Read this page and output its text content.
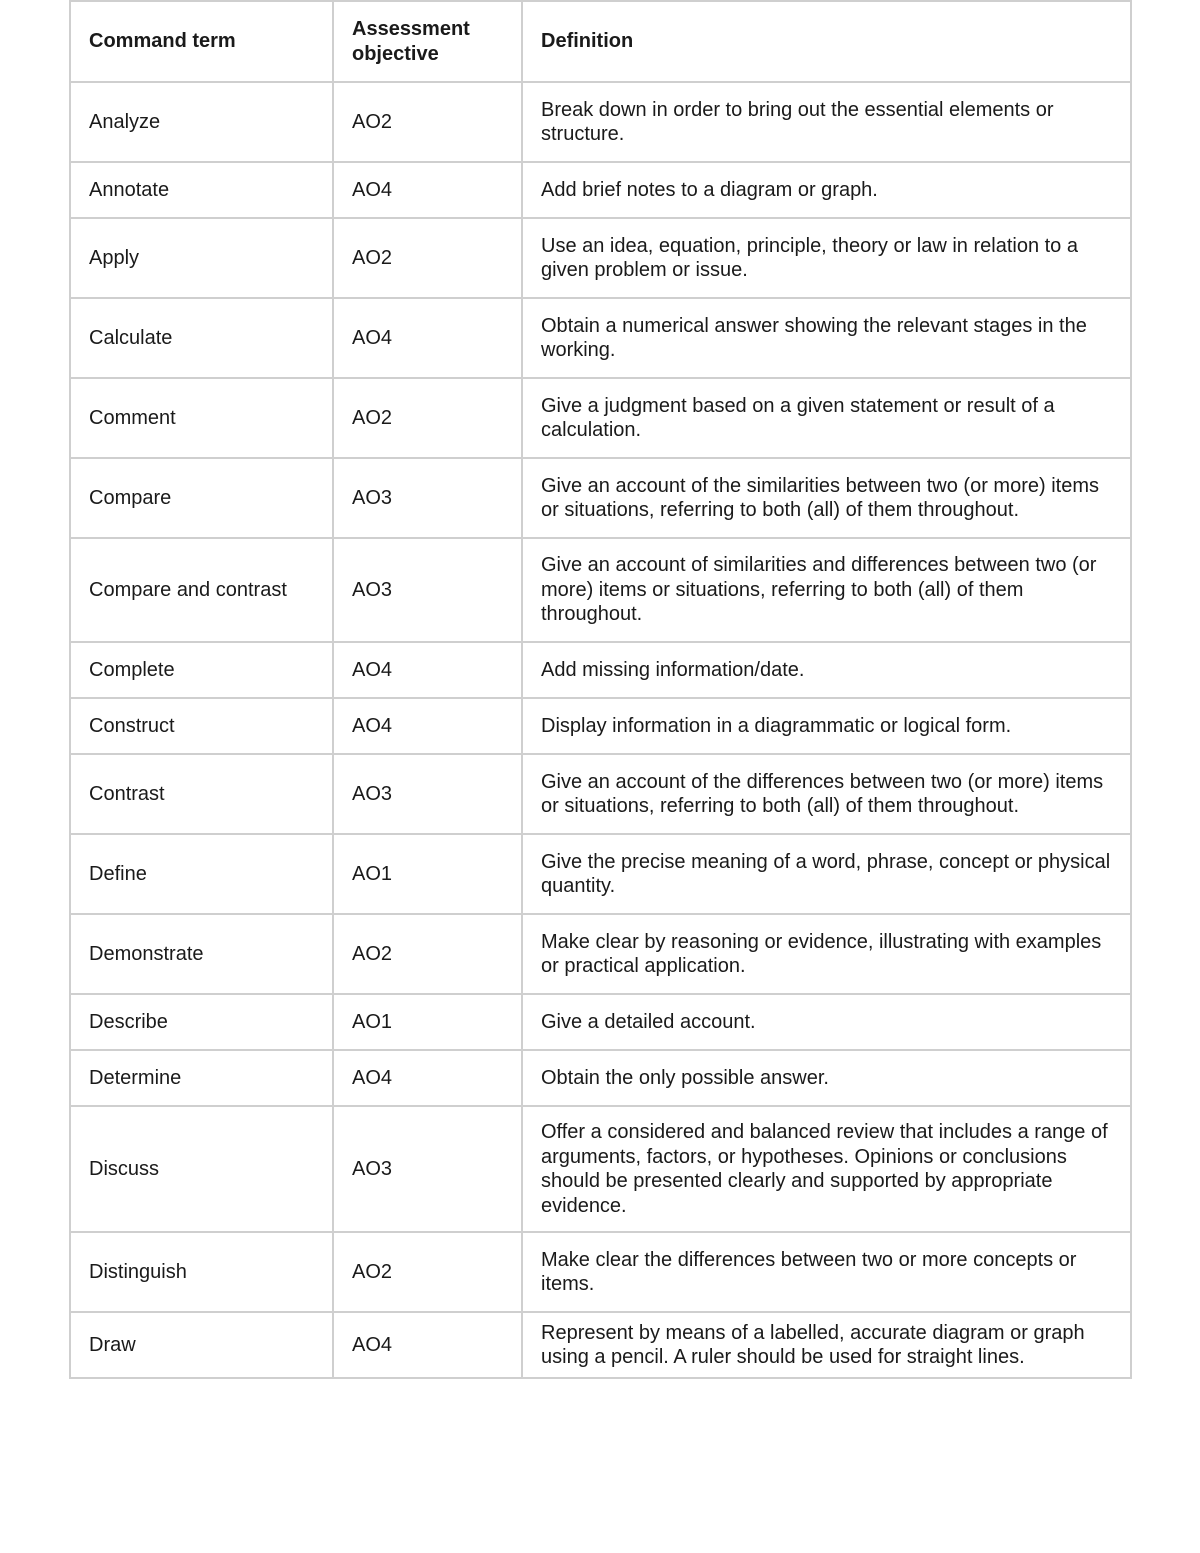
Command term	Assessment objective	Definition
Analyze	AO2	Break down in order to bring out the essential elements or structure.
Annotate	AO4	Add brief notes to a diagram or graph.
Apply	AO2	Use an idea, equation, principle, theory or law in relation to a given problem or issue.
Calculate	AO4	Obtain a numerical answer showing the relevant stages in the working.
Comment	AO2	Give a judgment based on a given statement or result of a calculation.
Compare	AO3	Give an account of the similarities between two (or more) items or situations, referring to both (all) of them throughout.
Compare and contrast	AO3	Give an account of similarities and differences between two (or more) items or situations, referring to both (all) of them throughout.
Complete	AO4	Add missing information/date.
Construct	AO4	Display information in a diagrammatic or logical form.
Contrast	AO3	Give an account of the differences between two (or more) items or situations, referring to both (all) of them throughout.
Define	AO1	Give the precise meaning of a word, phrase, concept or physical quantity.
Demonstrate	AO2	Make clear by reasoning or evidence, illustrating with examples or practical application.
Describe	AO1	Give a detailed account.
Determine	AO4	Obtain the only possible answer.
Discuss	AO3	Offer a considered and balanced review that includes a range of arguments, factors, or hypotheses. Opinions or conclusions should be presented clearly and supported by appropriate evidence.
Distinguish	AO2	Make clear the differences between two or more concepts or items.
Draw	AO4	Represent by means of a labelled, accurate diagram or graph using a pencil. A ruler should be used for straight lines.
